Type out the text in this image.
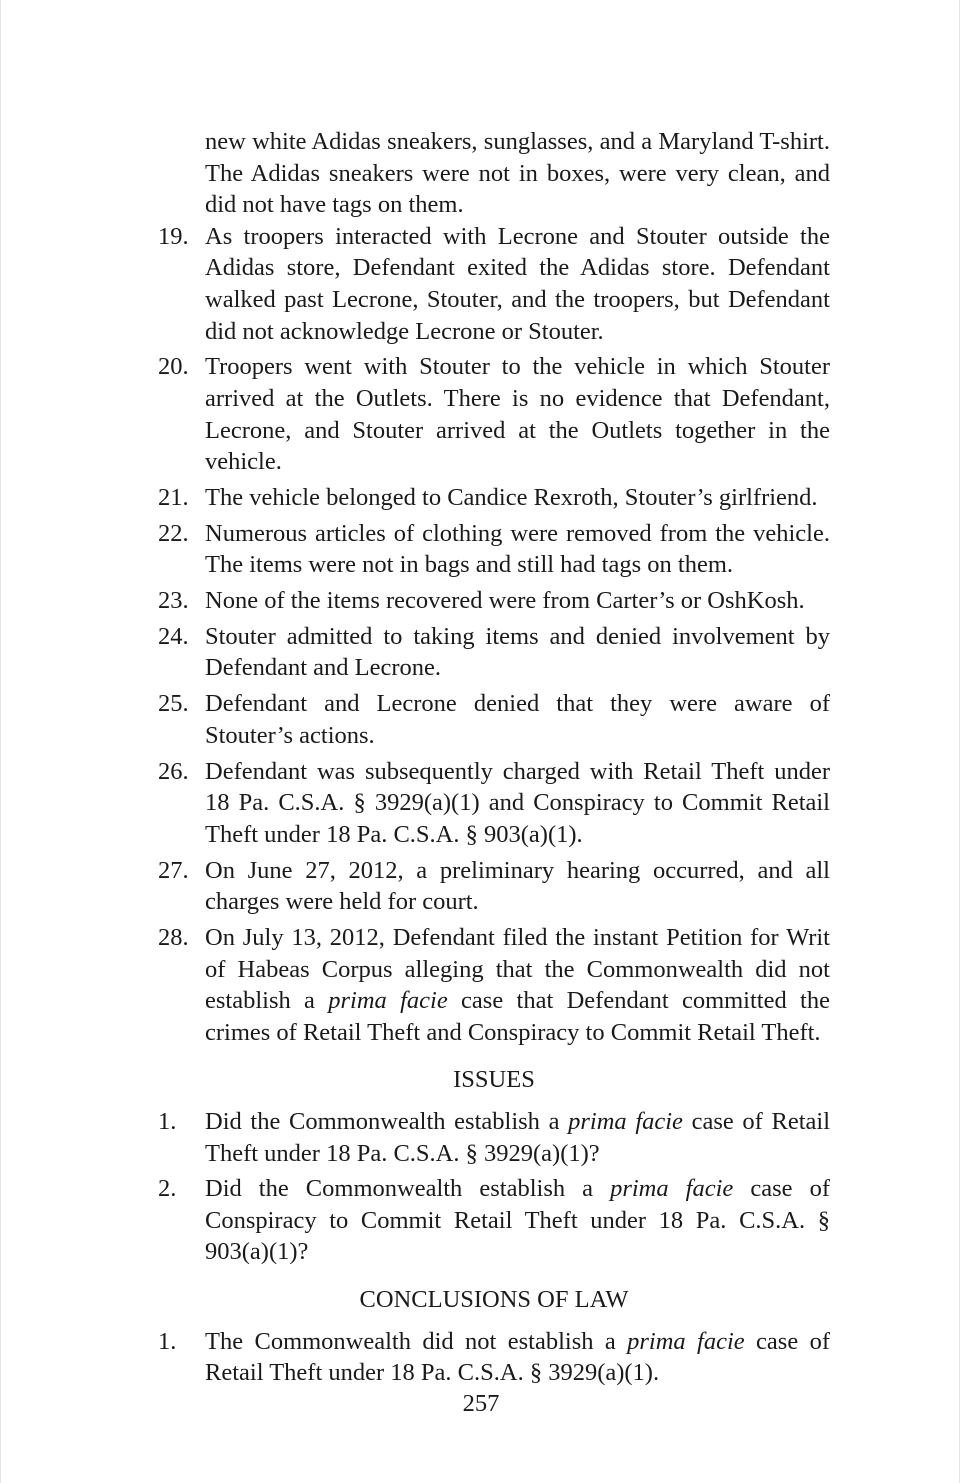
new white Adidas sneakers, sunglasses, and a Maryland T-shirt. The Adidas sneakers were not in boxes, were very clean, and did not have tags on them.

19. As troopers interacted with Lecrone and Stouter outside the Adidas store, Defendant exited the Adidas store. Defendant walked past Lecrone, Stouter, and the troopers, but Defendant did not acknowledge Lecrone or Stouter.

20. Troopers went with Stouter to the vehicle in which Stouter arrived at the Outlets. There is no evidence that Defendant, Lecrone, and Stouter arrived at the Outlets together in the vehicle.

21. The vehicle belonged to Candice Rexroth, Stouter’s girlfriend.

22. Numerous articles of clothing were removed from the vehicle. The items were not in bags and still had tags on them.

23. None of the items recovered were from Carter’s or OshKosh.

24. Stouter admitted to taking items and denied involvement by Defendant and Lecrone.

25. Defendant and Lecrone denied that they were aware of Stouter’s actions.

26. Defendant was subsequently charged with Retail Theft under 18 Pa. C.S.A. § 3929(a)(1) and Conspiracy to Commit Retail Theft under 18 Pa. C.S.A. § 903(a)(1).

27. On June 27, 2012, a preliminary hearing occurred, and all charges were held for court.

28. On July 13, 2012, Defendant filed the instant Petition for Writ of Habeas Corpus alleging that the Commonwealth did not establish a prima facie case that Defendant committed the crimes of Retail Theft and Conspiracy to Commit Retail Theft.

ISSUES
1.	Did the Commonwealth establish a prima facie case of Retail Theft under 18 Pa. C.S.A. § 3929(a)(1)?

2.	Did the Commonwealth establish a prima facie case of Conspiracy to Commit Retail Theft under 18 Pa. C.S.A. § 903(a)(1)?

CONCLUSIONS OF LAW
1.	The Commonwealth did not establish a prima facie case of Retail Theft under 18 Pa. C.S.A. § 3929(a)(1).

257
